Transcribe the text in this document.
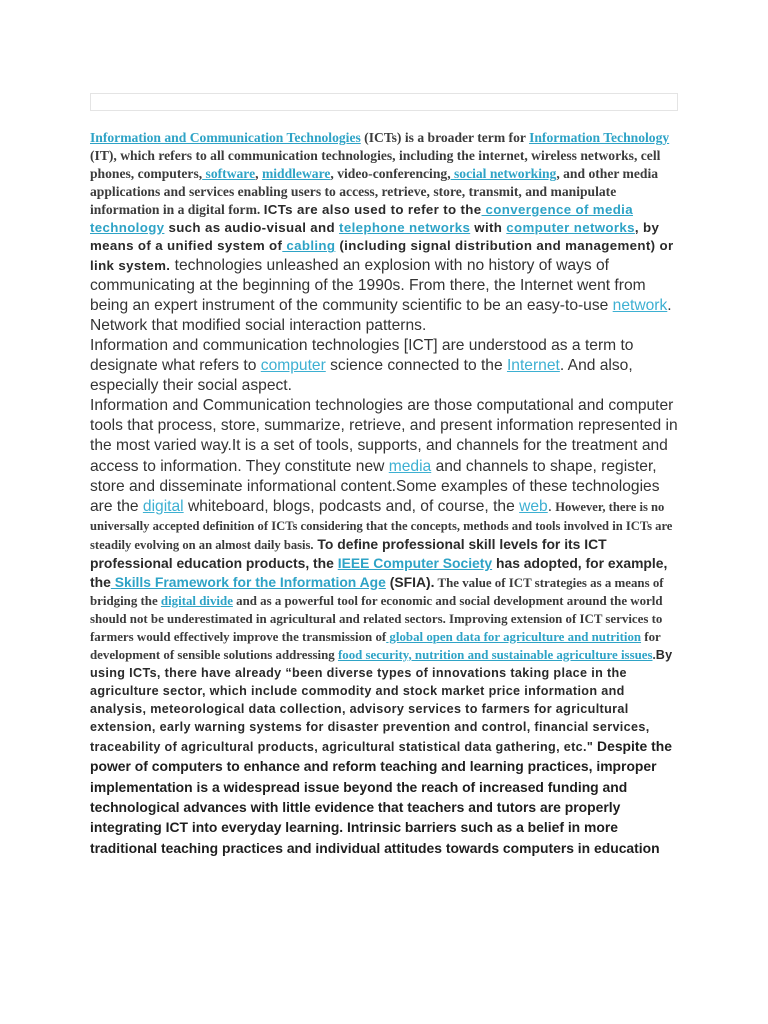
Information and Communication Technologies (ICTs) is a broader term for Information Technology (IT), which refers to all communication technologies, including the internet, wireless networks, cell phones, computers, software, middleware, video-conferencing, social networking, and other media applications and services enabling users to access, retrieve, store, transmit, and manipulate information in a digital form. ICTs are also used to refer to the convergence of media technology such as audio-visual and telephone networks with computer networks, by means of a unified system of cabling (including signal distribution and management) or link system. technologies unleashed an explosion with no history of ways of communicating at the beginning of the 1990s. From there, the Internet went from being an expert instrument of the community scientific to be an easy-to-use network. Network that modified social interaction patterns.

Information and communication technologies [ICT] are understood as a term to designate what refers to computer science connected to the Internet. And also, especially their social aspect.

Information and Communication technologies are those computational and computer tools that process, store, summarize, retrieve, and present information represented in the most varied way.It is a set of tools, supports, and channels for the treatment and access to information. They constitute new media and channels to shape, register, store and disseminate informational content.Some examples of these technologies are the digital whiteboard, blogs, podcasts and, of course, the web. However, there is no universally accepted definition of ICTs considering that the concepts, methods and tools involved in ICTs are steadily evolving on an almost daily basis. To define professional skill levels for its ICT professional education products, the IEEE Computer Society has adopted, for example, the Skills Framework for the Information Age (SFIA). The value of ICT strategies as a means of bridging the digital divide and as a powerful tool for economic and social development around the world should not be underestimated in agricultural and related sectors. Improving extension of ICT services to farmers would effectively improve the transmission of global open data for agriculture and nutrition for development of sensible solutions addressing food security, nutrition and sustainable agriculture issues.By using ICTs, there have already “been diverse types of innovations taking place in the agriculture sector, which include commodity and stock market price information and analysis, meteorological data collection, advisory services to farmers for agricultural extension, early warning systems for disaster prevention and control, financial services, traceability of agricultural products, agricultural statistical data gathering, etc." Despite the power of computers to enhance and reform teaching and learning practices, improper implementation is a widespread issue beyond the reach of increased funding and technological advances with little evidence that teachers and tutors are properly integrating ICT into everyday learning. Intrinsic barriers such as a belief in more traditional teaching practices and individual attitudes towards computers in education
